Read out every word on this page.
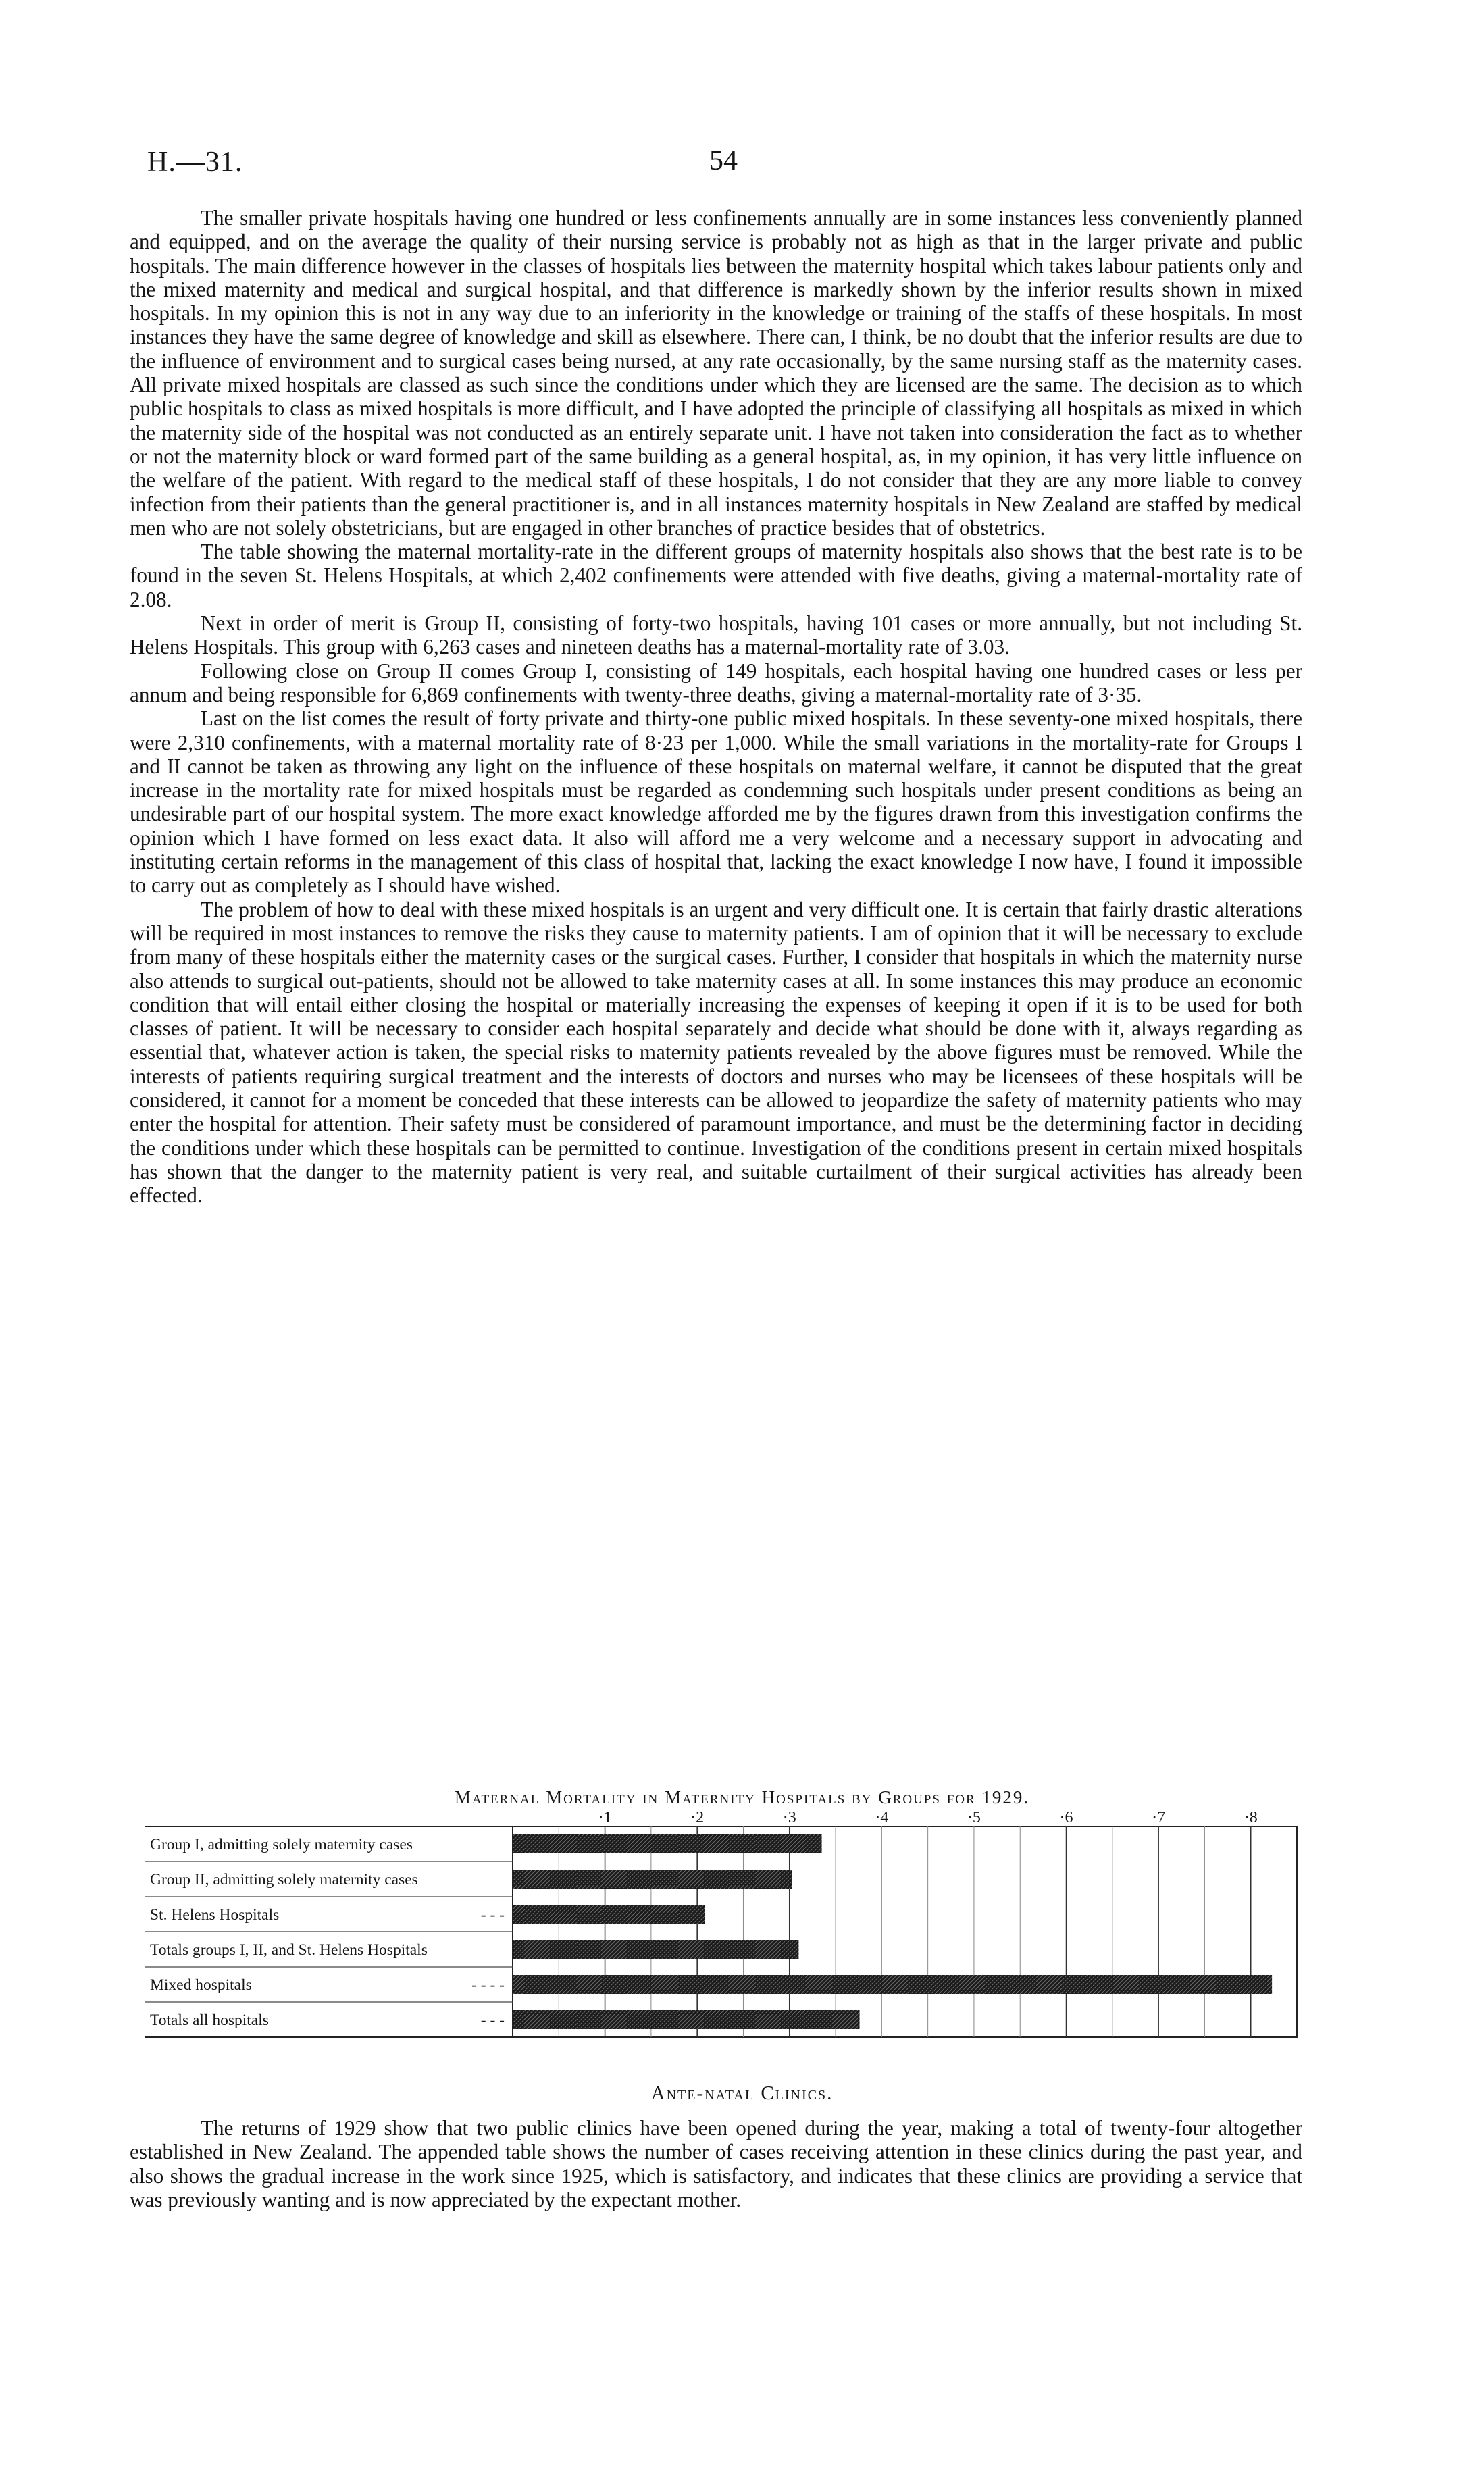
H.—31.	54

The smaller private hospitals having one hundred or less confinements annually are in some instances less conveniently planned and equipped, and on the average the quality of their nursing service is probably not as high as that in the larger private and public hospitals. The main difference however in the classes of hospitals lies between the maternity hospital which takes labour patients only and the mixed maternity and medical and surgical hospital, and that difference is markedly shown by the inferior results shown in mixed hospitals. In my opinion this is not in any way due to an inferiority in the knowledge or training of the staffs of these hospitals. In most instances they have the same degree of knowledge and skill as elsewhere. There can, I think, be no doubt that the inferior results are due to the influence of environment and to surgical cases being nursed, at any rate occasionally, by the same nursing staff as the maternity cases. All private mixed hospitals are classed as such since the conditions under which they are licensed are the same. The decision as to which public hospitals to class as mixed hospitals is more difficult, and I have adopted the principle of classifying all hospitals as mixed in which the maternity side of the hospital was not conducted as an entirely separate unit. I have not taken into consideration the fact as to whether or not the maternity block or ward formed part of the same building as a general hospital, as, in my opinion, it has very little influence on the welfare of the patient. With regard to the medical staff of these hospitals, I do not consider that they are any more liable to convey infection from their patients than the general practitioner is, and in all instances maternity hospitals in New Zealand are staffed by medical men who are not solely obstetricians, but are engaged in other branches of practice besides that of obstetrics.

The table showing the maternal mortality-rate in the different groups of maternity hospitals also shows that the best rate is to be found in the seven St. Helens Hospitals, at which 2,402 confinements were attended with five deaths, giving a maternal-mortality rate of 2.08.

Next in order of merit is Group II, consisting of forty-two hospitals, having 101 cases or more annually, but not including St. Helens Hospitals. This group with 6,263 cases and nineteen deaths has a maternal-mortality rate of 3.03.

Following close on Group II comes Group I, consisting of 149 hospitals, each hospital having one hundred cases or less per annum and being responsible for 6,869 confinements with twenty-three deaths, giving a maternal-mortality rate of 3·35.

Last on the list comes the result of forty private and thirty-one public mixed hospitals. In these seventy-one mixed hospitals, there were 2,310 confinements, with a maternal mortality rate of 8·23 per 1,000. While the small variations in the mortality-rate for Groups I and II cannot be taken as throwing any light on the influence of these hospitals on maternal welfare, it cannot be disputed that the great increase in the mortality rate for mixed hospitals must be regarded as condemning such hospitals under present conditions as being an undesirable part of our hospital system. The more exact knowledge afforded me by the figures drawn from this investigation confirms the opinion which I have formed on less exact data. It also will afford me a very welcome and a necessary support in advocating and instituting certain reforms in the management of this class of hospital that, lacking the exact knowledge I now have, I found it impossible to carry out as completely as I should have wished.

The problem of how to deal with these mixed hospitals is an urgent and very difficult one. It is certain that fairly drastic alterations will be required in most instances to remove the risks they cause to maternity patients. I am of opinion that it will be necessary to exclude from many of these hospitals either the maternity cases or the surgical cases. Further, I consider that hospitals in which the maternity nurse also attends to surgical out-patients, should not be allowed to take maternity cases at all. In some instances this may produce an economic condition that will entail either closing the hospital or materially increasing the expenses of keeping it open if it is to be used for both classes of patient. It will be necessary to consider each hospital separately and decide what should be done with it, always regarding as essential that, whatever action is taken, the special risks to maternity patients revealed by the above figures must be removed. While the interests of patients requiring surgical treatment and the interests of doctors and nurses who may be licensees of these hospitals will be considered, it cannot for a moment be conceded that these interests can be allowed to jeopardize the safety of maternity patients who may enter the hospital for attention. Their safety must be considered of paramount importance, and must be the determining factor in deciding the conditions under which these hospitals can be permitted to continue. Investigation of the conditions present in certain mixed hospitals has shown that the danger to the maternity patient is very real, and suitable curtailment of their surgical activities has already been effected.

Maternal Mortality in Maternity Hospitals by Groups for 1929.
·1	·2	·3	·4	·5	·6	·7	·8
Group I, admitting solely maternity cases
Group II, admitting solely maternity cases
St. Helens Hospitals	- - -
Totals groups I, II, and St. Helens Hospitals
Mixed hospitals	- - - -
Totals all hospitals	- - -
Ante-natal Clinics.

The returns of 1929 show that two public clinics have been opened during the year, making a total of twenty-four altogether established in New Zealand. The appended table shows the number of cases receiving attention in these clinics during the past year, and also shows the gradual increase in the work since 1925, which is satisfactory, and indicates that these clinics are providing a service that was previously wanting and is now appreciated by the expectant mother.
